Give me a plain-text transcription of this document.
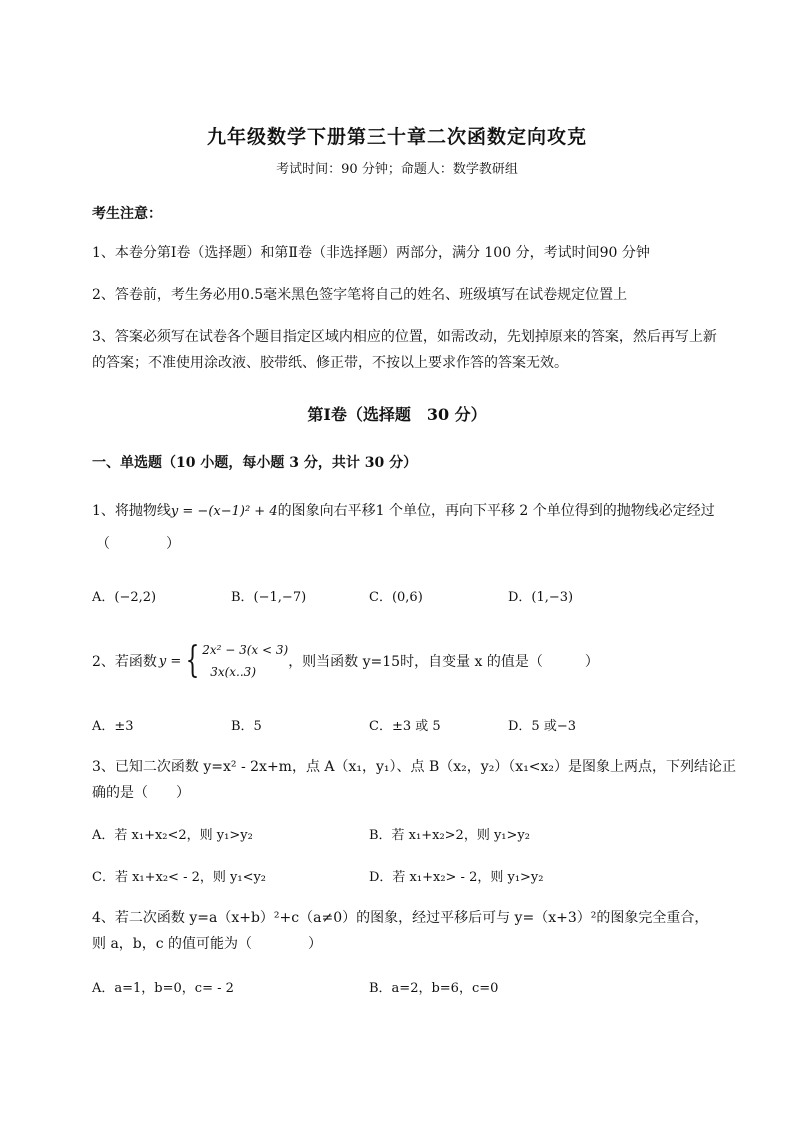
九年级数学下册第三十章二次函数定向攻克
考试时间：90 分钟；命题人：数学教研组
考生注意：
1、本卷分第Ⅰ卷（选择题）和第Ⅱ卷（非选择题）两部分，满分 100 分，考试时间90 分钟
2、答卷前，考生务必用0.5毫米黑色签字笔将自己的姓名、班级填写在试卷规定位置上
3、答案必须写在试卷各个题目指定区域内相应的位置，如需改动，先划掉原来的答案，然后再写上新
的答案；不准使用涂改液、胶带纸、修正带，不按以上要求作答的答案无效。
第Ⅰ卷（选择题　30 分）
一、单选题（10 小题，每小题 3 分，共计 30 分）
1、将抛物线y = −(x−1)² + 4的图象向右平移1 个单位，再向下平移 2 个单位得到的抛物线必定经过
（　　　　）
A．(−2,2)	B．(−1,−7)	C．(0,6)	D．(1,−3)
2、若函数 y = { 2x² − 3(x < 3)
3x(x..3)
，则当函数 y=15时，自变量 x 的值是（　　　）
A．±3	B．5	C．±3 或 5	D．5 或−3
3、已知二次函数 y=x² - 2x+m，点 A（x₁，y₁）、点 B（x₂，y₂）（x₁<x₂）是图象上两点，下列结论正
确的是（　　）
A．若 x₁+x₂<2，则 y₁>y₂	B．若 x₁+x₂>2，则 y₁>y₂
C．若 x₁+x₂< - 2，则 y₁<y₂	D．若 x₁+x₂> - 2，则 y₁>y₂
4、若二次函数 y=a（x+b）²+c（a≠0）的图象，经过平移后可与 y=（x+3）²的图象完全重合，
则 a，b，c 的值可能为（　　　　）
A．a=1，b=0，c= - 2	B．a=2，b=6，c=0
